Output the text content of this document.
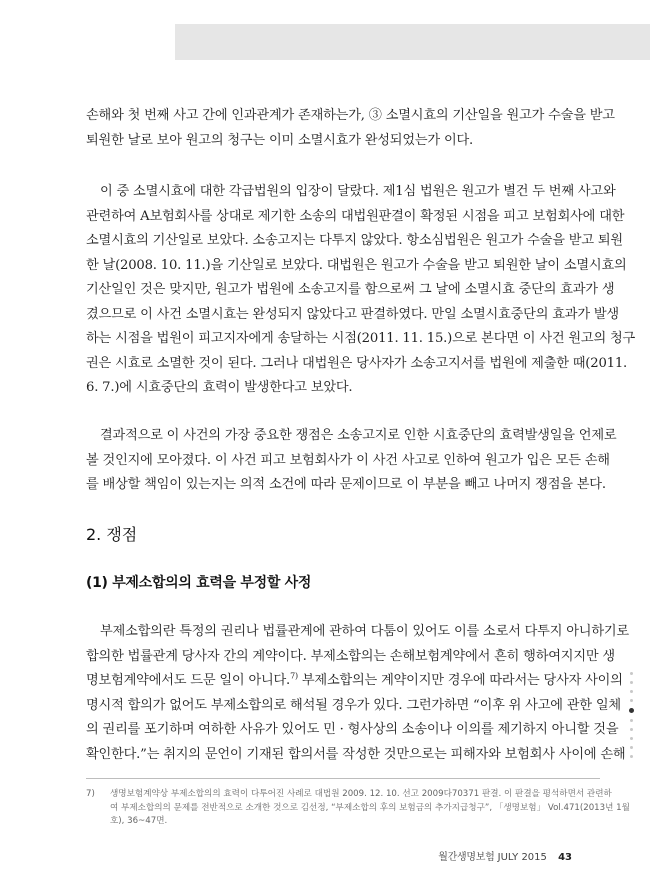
손해와 첫 번째 사고 간에 인과관계가 존재하는가, ③ 소멸시효의 기산일을 원고가 수술을 받고
퇴원한 날로 보아 원고의 청구는 이미 소멸시효가 완성되었는가 이다.
이 중 소멸시효에 대한 각급법원의 입장이 달랐다. 제1심 법원은 원고가 별건 두 번째 사고와
관련하여 A보험회사를 상대로 제기한 소송의 대법원판결이 확정된 시점을 피고 보험회사에 대한
소멸시효의 기산일로 보았다. 소송고지는 다투지 않았다. 항소심법원은 원고가 수술을 받고 퇴원
한 날(2008. 10. 11.)을 기산일로 보았다. 대법원은 원고가 수술을 받고 퇴원한 날이 소멸시효의
기산일인 것은 맞지만, 원고가 법원에 소송고지를 함으로써 그 날에 소멸시효 중단의 효과가 생
겼으므로 이 사건 소멸시효는 완성되지 않았다고 판결하였다. 만일 소멸시효중단의 효과가 발생
하는 시점을 법원이 피고지자에게 송달하는 시점(2011. 11. 15.)으로 본다면 이 사건 원고의 청구
권은 시효로 소멸한 것이 된다. 그러나 대법원은 당사자가 소송고지서를 법원에 제출한 때(2011.
6. 7.)에 시효중단의 효력이 발생한다고 보았다.
결과적으로 이 사건의 가장 중요한 쟁점은 소송고지로 인한 시효중단의 효력발생일을 언제로
볼 것인지에 모아졌다. 이 사건 피고 보험회사가 이 사건 사고로 인하여 원고가 입은 모든 손해
를 배상할 책임이 있는지는 의적 소건에 따라 문제이므로 이 부분을 빼고 나머지 쟁점을 본다.
2. 쟁점
(1) 부제소합의의 효력을 부정할 사정
부제소합의란 특정의 권리나 법률관계에 관하여 다툼이 있어도 이를 소로서 다투지 아니하기로
합의한 법률관계 당사자 간의 계약이다. 부제소합의는 손해보험계약에서 흔히 행하여지지만 생
명보험계약에서도 드문 일이 아니다.$^{7)}$ 부제소합의는 계약이지만 경우에 따라서는 당사자 사이의
명시적 합의가 없어도 부제소합의로 해석될 경우가 있다. 그런가하면 “이후 위 사고에 관한 일체
의 권리를 포기하며 여하한 사유가 있어도 민 · 형사상의 소송이나 이의를 제기하지 아니할 것을
확인한다.”는 취지의 문언이 기재된 합의서를 작성한 것만으로는 피해자와 보험회사 사이에 손해
7) 생명보험계약상 부제소합의의 효력이 다투어진 사례로 대법원 2009. 12. 10. 선고 2009다70371 판결. 이 판결을 평석하면서 관련하
여 부제소합의의 문제를 전반적으로 소개한 것으로 김선정, “부제소합의 후의 보험금의 추가지급청구”, 「생명보험」 Vol.471(2013년 1월
호), 36~47면.
월간생명보험 JULY 2015 43
